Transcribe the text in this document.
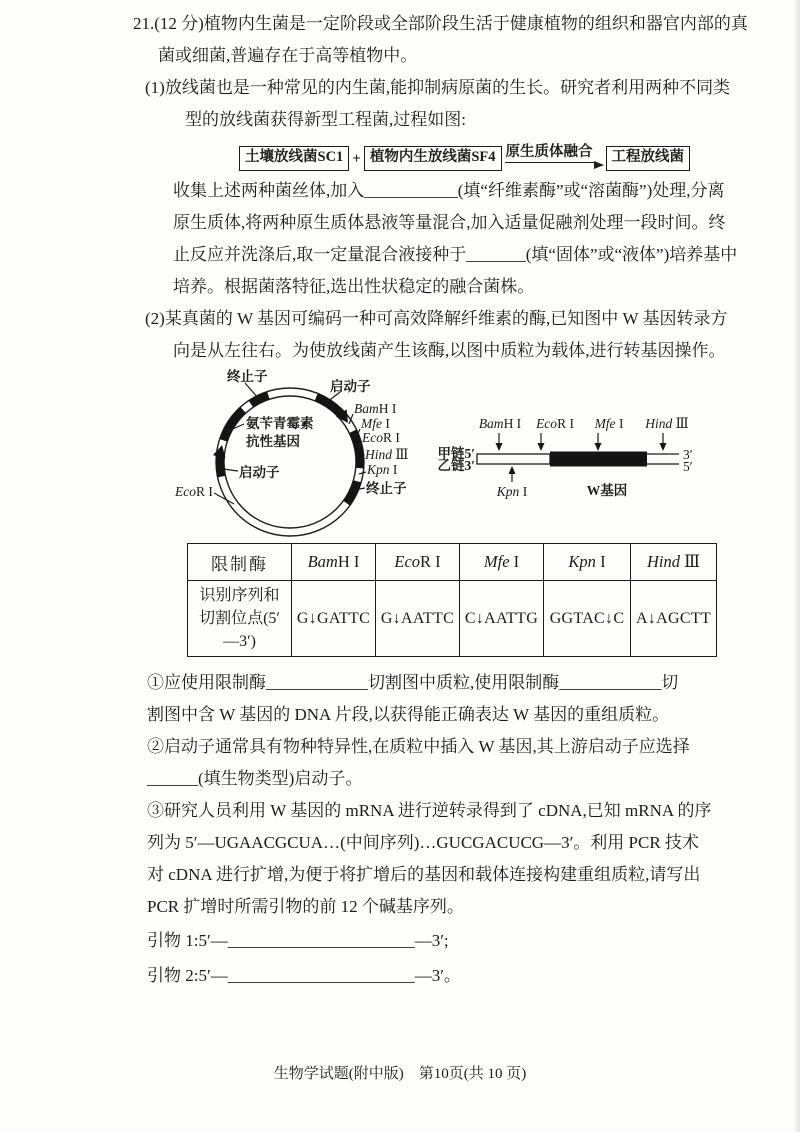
21.(12 分)植物内生菌是一定阶段或全部阶段生活于健康植物的组织和器官内部的真
菌或细菌,普遍存在于高等植物中。
(1)放线菌也是一种常见的内生菌,能抑制病原菌的生长。研究者利用两种不同类
型的放线菌获得新型工程菌,过程如图:
土壤放线菌SC1 + 植物内生放线菌SF4 原生质体融合	工程放线菌
收集上述两种菌丝体,加入___________(填“纤维素酶”或“溶菌酶”)处理,分离
原生质体,将两种原生质体悬液等量混合,加入适量促融剂处理一段时间。终
止反应并洗涤后,取一定量混合液接种于_______(填“固体”或“液体”)培养基中
培养。根据菌落特征,选出性状稳定的融合菌株。
(2)某真菌的 W 基因可编码一种可高效降解纤维素的酶,已知图中 W 基因转录方
向是从左往右。为使放线菌产生该酶,以图中质粒为载体,进行转基因操作。
终止子
启动子
BamH I
Mfe I
EcoR I
Hind Ⅲ
Kpn I
终止子
启动子
EcoR I
氨苄青霉素
抗性基因
BamH I EcoR I Mfe I Hind Ⅲ
甲链5′
乙链3′
3′
5′
Kpn I	W基因
限制酶	BamH I	EcoR I	Mfe I	Kpn I	Hind Ⅲ
识别序列和切割位点(5′—3′)	G↓GATTC	G↓AATTC	C↓AATTG	GGTAC↓C	A↓AGCTT
①应使用限制酶____________切割图中质粒,使用限制酶____________切
割图中含 W 基因的 DNA 片段,以获得能正确表达 W 基因的重组质粒。
②启动子通常具有物种特异性,在质粒中插入 W 基因,其上游启动子应选择
______(填生物类型)启动子。
③研究人员利用 W 基因的 mRNA 进行逆转录得到了 cDNA,已知 mRNA 的序
列为 5′—UGAACGCUA…(中间序列)…GUCGACUCG—3′。利用 PCR 技术
对 cDNA 进行扩增,为便于将扩增后的基因和载体连接构建重组质粒,请写出
PCR 扩增时所需引物的前 12 个碱基序列。
引物 1:5′—______________________—3′;
引物 2:5′—______________________—3′。
生物学试题(附中版)　第10页(共 10 页)
